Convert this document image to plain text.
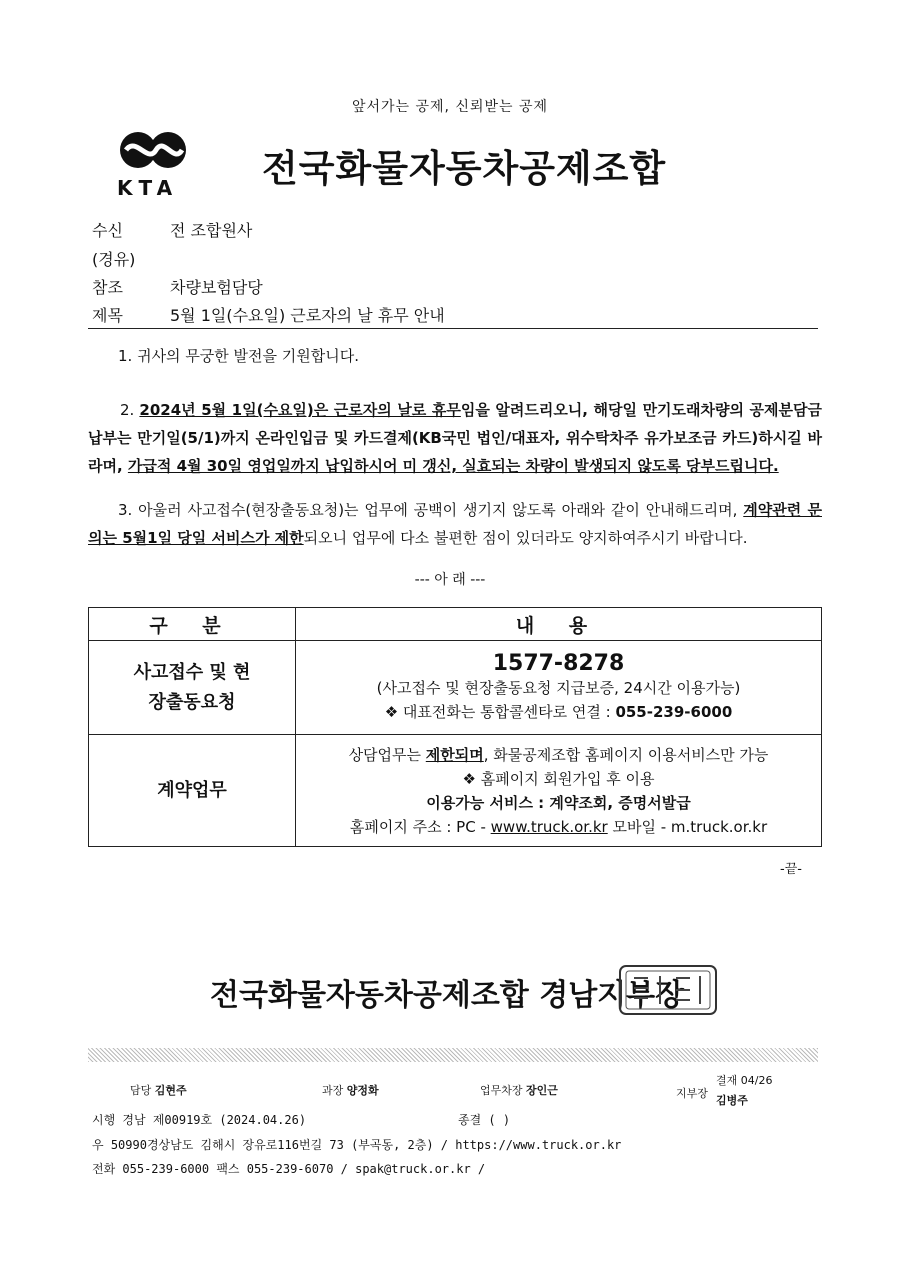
앞서가는 공제, 신뢰받는 공제
KTA 전국화물자동차공제조합
수신	전 조합원사
(경유)
참조	차량보험담당
제목	5월 1일(수요일) 근로자의 날 휴무 안내
1. 귀사의 무궁한 발전을 기원합니다.
2. 2024년 5월 1일(수요일)은 근로자의 날로 휴무임을 알려드리오니, 해당일 만기도래차량의 공제분담금 납부는 만기일(5/1)까지 온라인입금 및 카드결제(KB국민 법인/대표자, 위수탁차주 유가보조금 카드)하시길 바라며, 가급적 4월 30일 영업일까지 납입하시어 미 갱신, 실효되는 차량이 발생되지 않도록 당부드립니다.
3. 아울러 사고접수(현장출동요청)는 업무에 공백이 생기지 않도록 아래와 같이 안내해드리며, 계약관련 문의는 5월1일 당일 서비스가 제한되오니 업무에 다소 불편한 점이 있더라도 양지하여주시기 바랍니다.
--- 아 래 ---
구 분	내 용

사고접수 및 현장출동요청	1577-8278
(사고접수 및 현장출동요청 지급보증, 24시간 이용가능)
❖ 대표전화는 통합콜센타로 연결 : 055-239-6000

계약업무	상담업무는 제한되며, 화물공제조합 홈페이지 이용서비스만 가능
❖ 홈페이지 회원가입 후 이용
이용가능 서비스 : 계약조회, 증명서발급
홈페이지 주소 : PC - www.truck.or.kr 모바일 - m.truck.or.kr
-끝-
전국화물자동차공제조합 경남지부장
담당 김현주	과장 양정화	업무차장 장인근	지부장
결재 04/26
김병주
시행 경남 제00919호 (2024.04.26)	종결 ( )
우 50990경상남도 김해시 장유로116번길 73 (부곡동, 2층) / https://www.truck.or.kr
전화 055-239-6000 팩스 055-239-6070 / spak@truck.or.kr /
